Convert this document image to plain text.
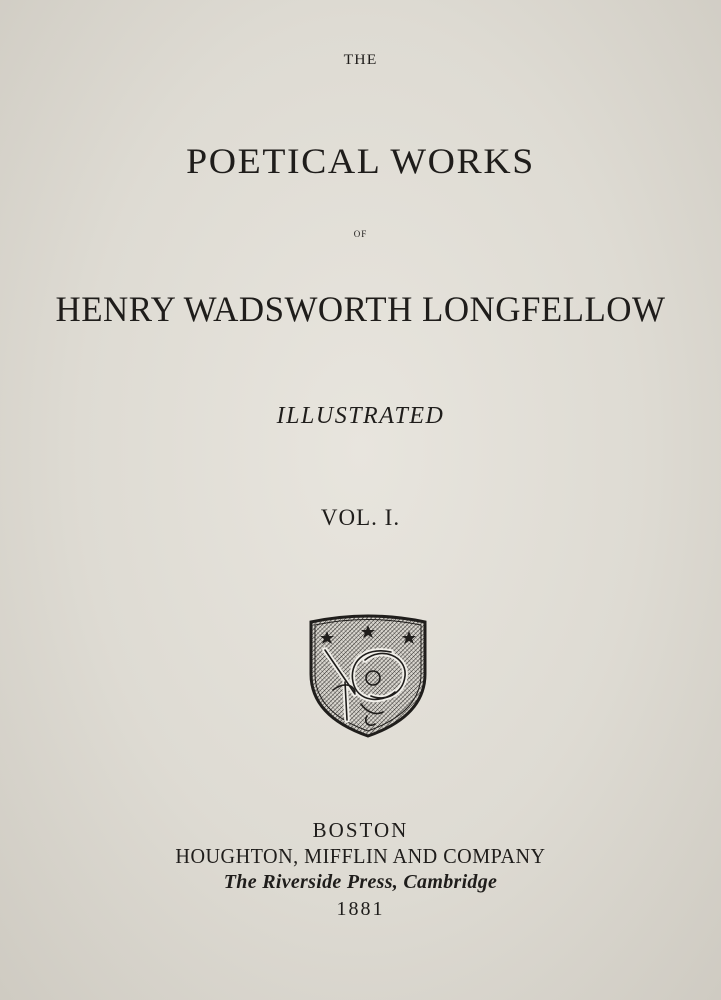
THE

POETICAL WORKS

OF

HENRY WADSWORTH LONGFELLOW

ILLUSTRATED

VOL. I.

BOSTON

HOUGHTON, MIFFLIN AND COMPANY

The Riverside Press, Cambridge

1881
